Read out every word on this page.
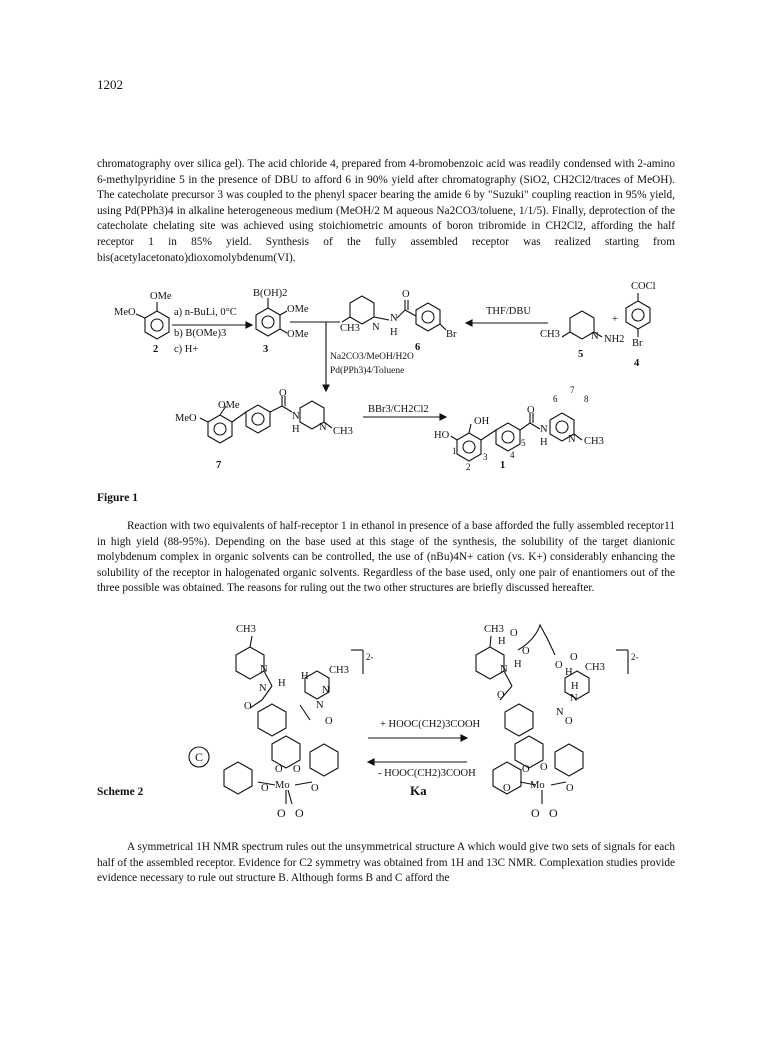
1202

chromatography over silica gel). The acid chloride 4, prepared from 4-bromobenzoic acid was readily condensed with 2-amino 6-methylpyridine 5 in the presence of DBU to afford 6 in 90% yield after chromatography (SiO2, CH2Cl2/traces of MeOH). The catecholate precursor 3 was coupled to the phenyl spacer bearing the amide 6 by "Suzuki" coupling reaction in 95% yield, using Pd(PPh3)4 in alkaline heterogeneous medium (MeOH/2 M aqueous Na2CO3/toluene, 1/1/5). Finally, deprotection of the catecholate chelating site was achieved using stoichiometric amounts of boron tribromide in CH2Cl2, affording the half receptor 1 in 85% yield. Synthesis of the fully assembled receptor was realized starting from bis(acetylacetonato)dioxomolybdenum(VI).

OMe
MeO
2
a) n-BuLi, 0°C
b) B(OMe)3
c) H+
B(OH)2
OMe
OMe
3
CH3 N
N
H
O
Br
6
Na2CO3/MeOH/H2O
Pd(PPh3)4/Toluene
THF/DBU
CH3	N NH2
5
+
COCl
Br
4
OMe
MeO
O
N
H N CH3
7
BBr3/CH2Cl2
OH
HO
O
N
H N CH3
1
1
2
3	4
5
6
7
8
Figure 1

Reaction with two equivalents of half-receptor 1 in ethanol in presence of a base afforded the fully assembled receptor11 in high yield (88-95%). Depending on the base used at this stage of the synthesis, the solubility of the target dianionic molybdenum complex in organic solvents can be controlled, the use of (nBu)4N+ cation (vs. K+) considerably enhancing the solubility of the receptor in halogenated organic solvents. Regardless of the base used, only one pair of enantiomers out of the three possible was obtained. The reasons for ruling out the two other structures are briefly discussed hereafter.

CH3
N
N H
O
H
CH3
N
N
O
2-
O O
O Mo O
O O
+ HOOC(CH2)3COOH
- HOOC(CH2)3COOH
Ka
CH3
H
O
N H
O
O
O
H CH3
H
N
N
O
O
2-
O O
O Mo O
O O
C
Scheme 2

A symmetrical 1H NMR spectrum rules out the unsymmetrical structure A which would give two sets of signals for each half of the assembled receptor. Evidence for C2 symmetry was obtained from 1H and 13C NMR. Complexation studies provide evidence necessary to rule out structure B. Although forms B and C afford the
